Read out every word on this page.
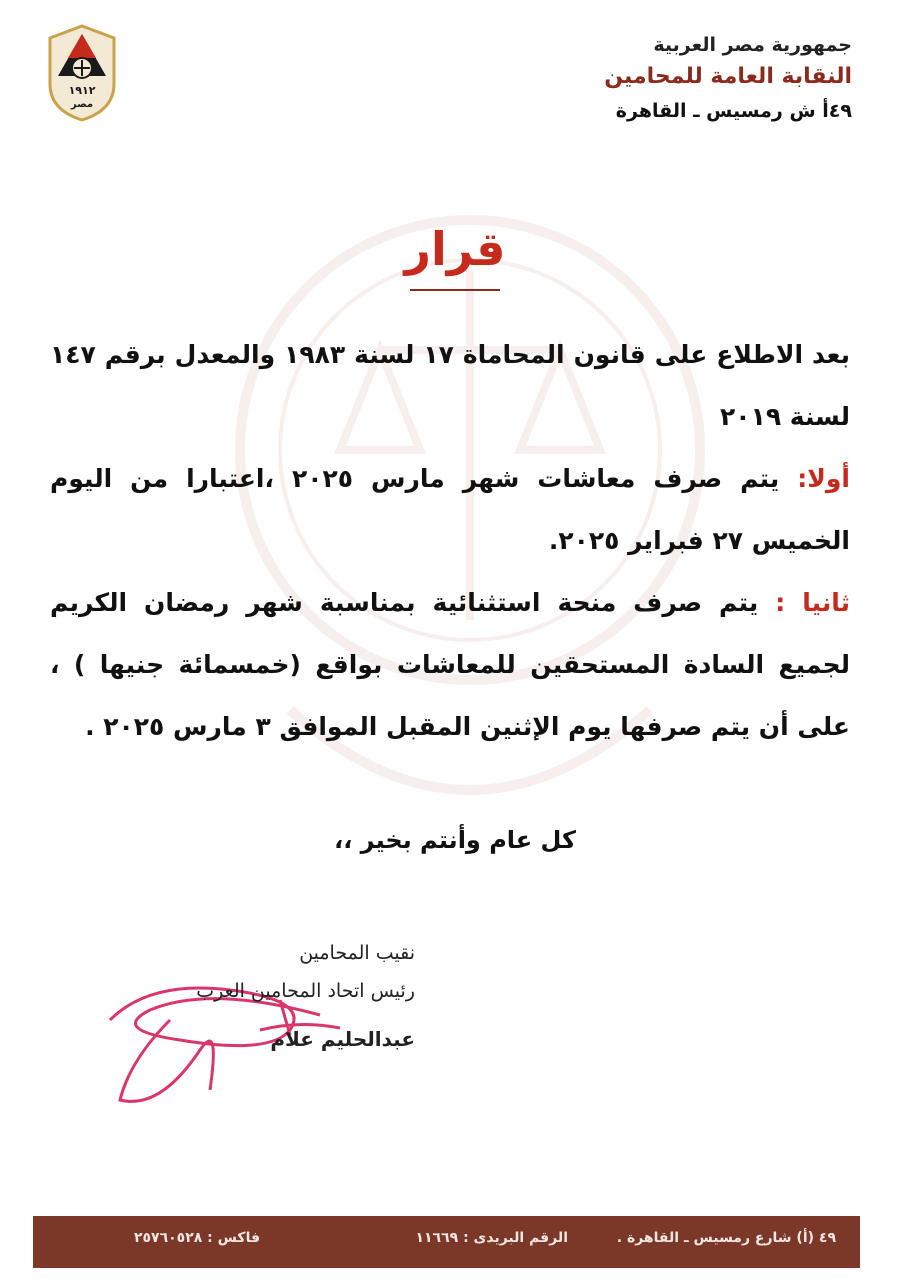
١٩١٢
مصر
جمهورية مصر العربية
النقابة العامة للمحامين
٤٩أ ش رمسيس ـ القاهرة
قرار

بعد الاطلاع على قانون المحاماة ١٧ لسنة ١٩٨٣ والمعدل برقم ١٤٧ لسنة ٢٠١٩

أولا: يتم صرف معاشات شهر مارس ٢٠٢٥ ،اعتبارا من اليوم الخميس ٢٧ فبراير ٢٠٢٥.

ثانيا : يتم صرف منحة استثنائية بمناسبة شهر رمضان الكريم لجميع السادة المستحقين للمعاشات بواقع (خمسمائة جنيها ) ، على أن يتم صرفها يوم الإثنين المقبل الموافق ٣ مارس ٢٠٢٥ .

كل عام وأنتم بخير ،،
نقيب المحامين
رئيس اتحاد المحامين العرب
عبدالحليم علام
٤٩ (أ) شارع رمسيس ـ القاهرة .
الرقم البريدى : ١١٦٦٩
فاكس : ٢٥٧٦٠٥٢٨
